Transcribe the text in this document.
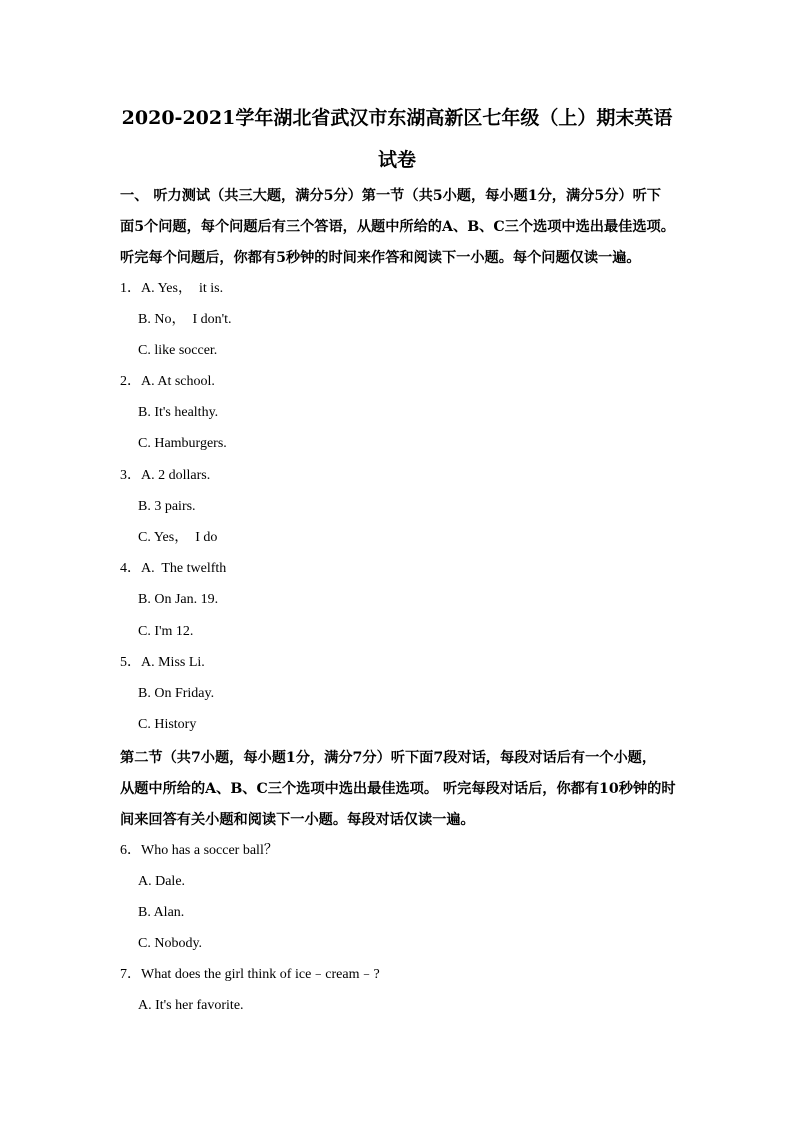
2020-2021学年湖北省武汉市东湖高新区七年级（上）期末英语
试卷
一、 听力测试（共三大题，满分5分）第一节（共5小题，每小题1分，满分5分）听下
面5个问题，每个问题后有三个答语，从题中所给的A、B、C三个选项中选出最佳选项。
听完每个问题后，你都有5秒钟的时间来作答和阅读下一小题。每个问题仅读一遍。
1．A. Yes，  it is.
B. No，  I don't.
C. like soccer.
2．A. At school.
B. It's healthy.
C. Hamburgers.
3．A. 2 dollars.
B. 3 pairs.
C. Yes，  I do
4．A.  The twelfth
B. On Jan. 19.
C. I'm 12.
5．A. Miss Li.
B. On Friday.
C. History
第二节（共7小题，每小题1分，满分7分）听下面7段对话，每段对话后有一个小题，
从题中所给的A、B、C三个选项中选出最佳选项。 听完每段对话后，你都有10秒钟的时
间来回答有关小题和阅读下一小题。每段对话仅读一遍。
6．Who has a soccer ball？
A. Dale.
B. Alan.
C. Nobody.
7．What does the girl think of ice﹣cream﹣?
A. It's her favorite.
